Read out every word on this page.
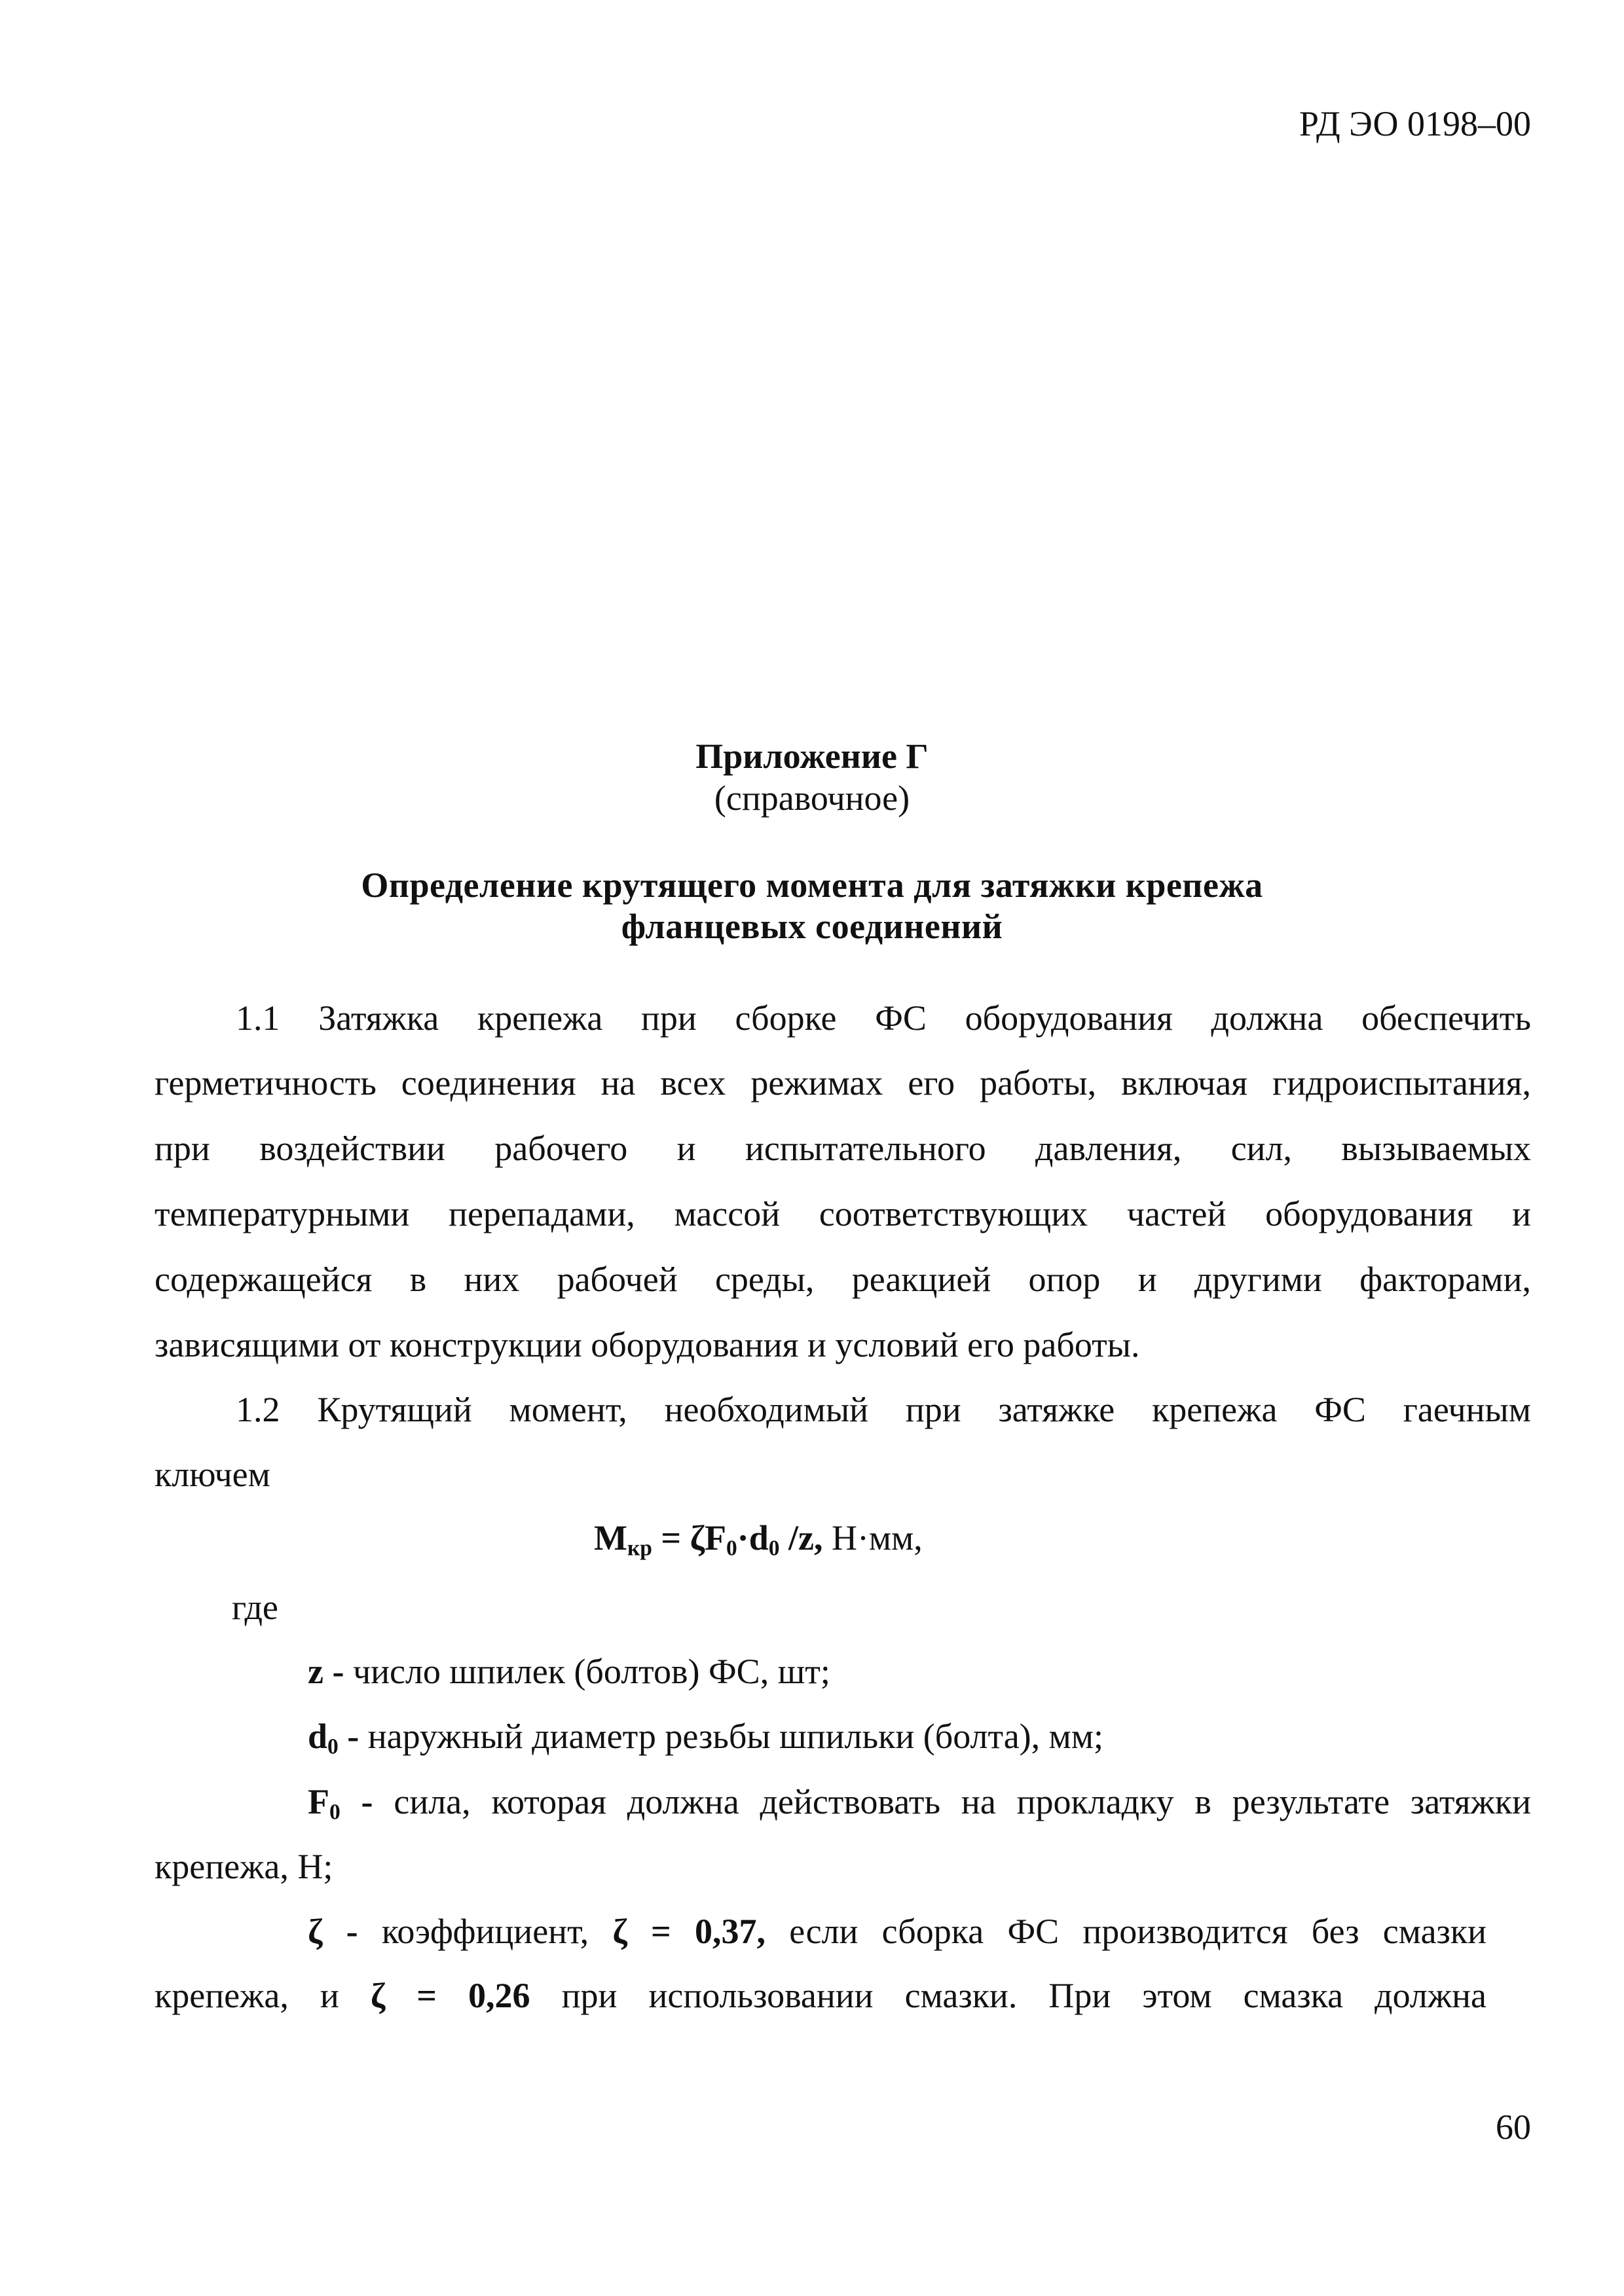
РД ЭО 0198–00
Приложение Г
(справочное)
Определение крутящего момента для затяжки крепежа
фланцевых соединений
1.1 Затяжка крепежа при сборке ФС оборудования должна обеспечить
герметичность соединения на всех режимах его работы, включая гидроиспытания,
при воздействии рабочего и испытательного давления, сил, вызываемых
температурными перепадами, массой соответствующих частей оборудования и
содержащейся в них рабочей среды, реакцией опор и другими факторами,
зависящими от конструкции оборудования и условий его работы.
1.2 Крутящий момент, необходимый при затяжке крепежа ФС гаечным
ключем
$М_{кр} = \zeta F_0\cdot d_0$ /z, Н·мм,
где
z - число шпилек (болтов) ФС, шт;
$d_0$ - наружный диаметр резьбы шпильки (болта), мм;
$F_0$ - сила, которая должна действовать на прокладку в результате затяжки
крепежа, Н;
ζ - коэффициент, ζ = 0,37, если сборка ФС производится без смазки
крепежа, и ζ = 0,26 при использовании смазки. При этом смазка должна
60
